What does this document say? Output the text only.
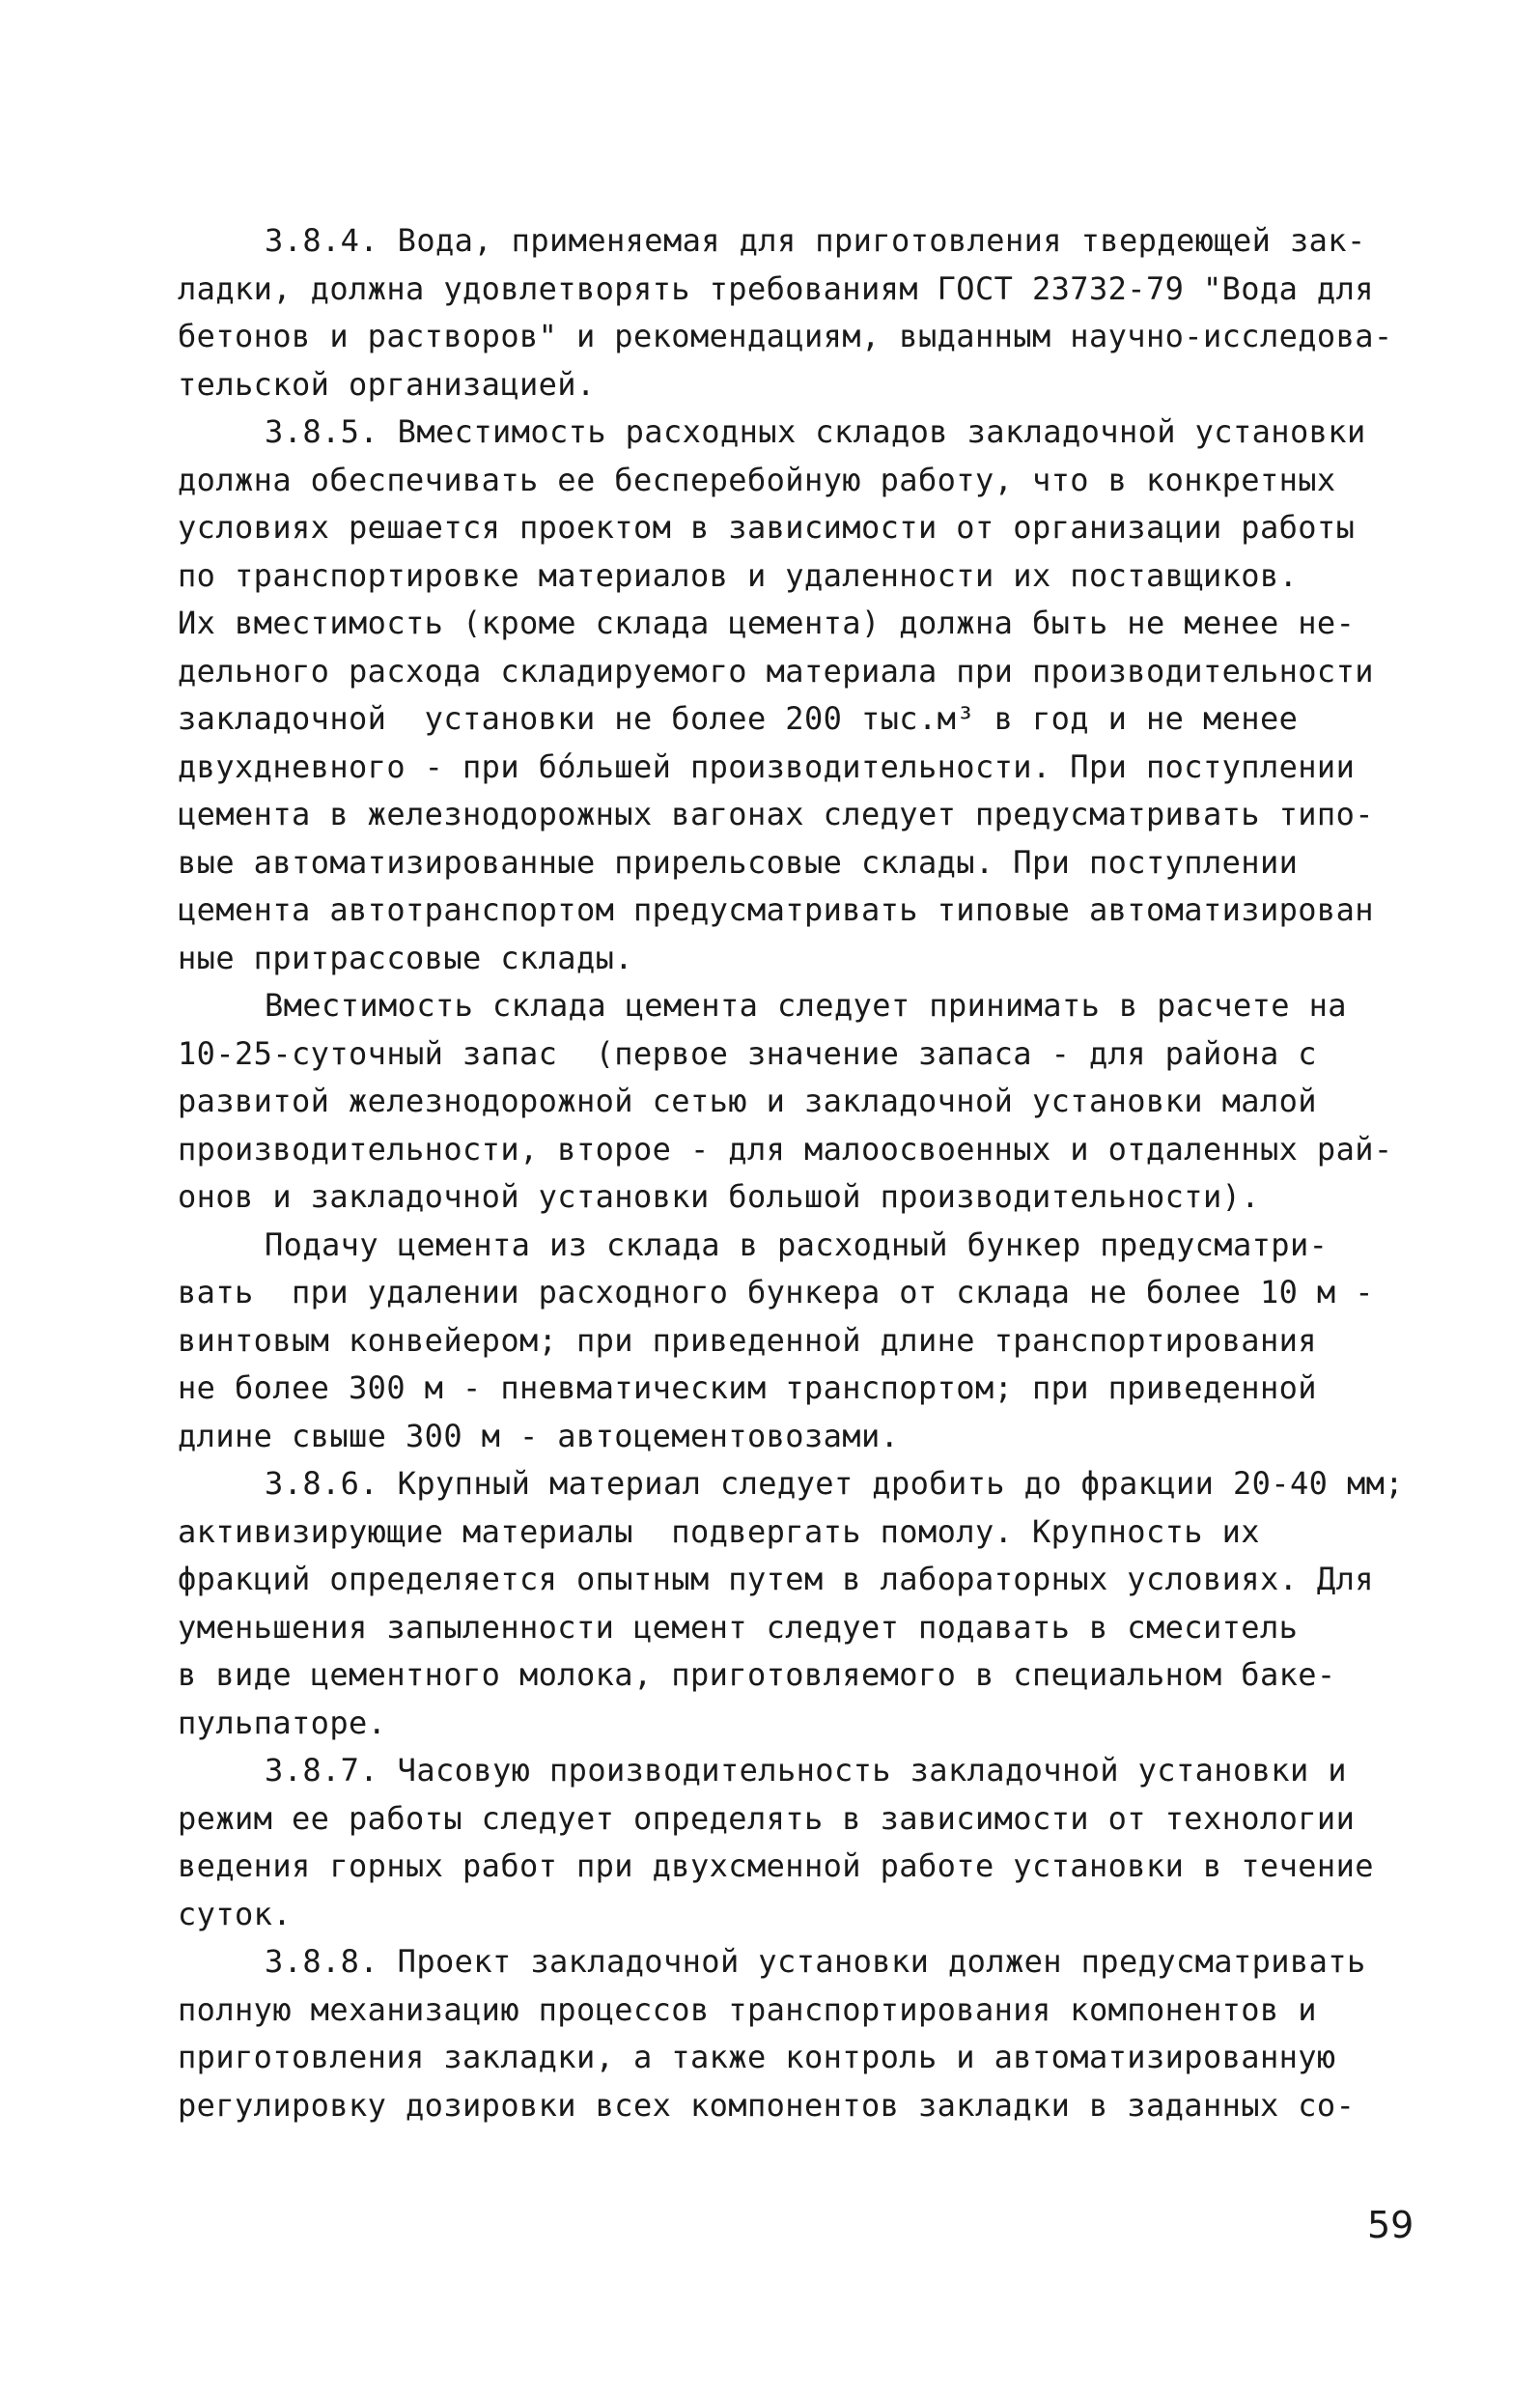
3.8.4. Вода, применяемая для приготовления твердеющей зак-
ладки, должна удовлетворять требованиям ГОСТ 23732-79 "Вода для
бетонов и растворов" и рекомендациям, выданным научно-исследова-
тельской организацией.
3.8.5. Вместимость расходных складов закладочной установки
должна обеспечивать ее бесперебойную работу, что в конкретных
условиях решается проектом в зависимости от организации работы
по транспортировке материалов и удаленности их поставщиков.
Их вместимость (кроме склада цемента) должна быть не менее не-
дельного расхода складируемого материала при производительности
закладочной  установки не более 200 тыс.м³ в год и не менее
двухдневного - при бóльшей производительности. При поступлении
цемента в железнодорожных вагонах следует предусматривать типо-
вые автоматизированные прирельсовые склады. При поступлении
цемента автотранспортом предусматривать типовые автоматизирован
ные притрассовые склады.
Вместимость склада цемента следует принимать в расчете на
10-25-суточный запас  (первое значение запаса - для района с
развитой железнодорожной сетью и закладочной установки малой
производительности, второе - для малоосвоенных и отдаленных рай-
онов и закладочной установки большой производительности).
Подачу цемента из склада в расходный бункер предусматри-
вать  при удалении расходного бункера от склада не более 10 м -
винтовым конвейером; при приведенной длине транспортирования
не более 300 м - пневматическим транспортом; при приведенной
длине свыше 300 м - автоцементовозами.
3.8.6. Крупный материал следует дробить до фракции 20-40 мм;
активизирующие материалы  подвергать помолу. Крупность их
фракций определяется опытным путем в лабораторных условиях. Для
уменьшения запыленности цемент следует подавать в смеситель
в виде цементного молока, приготовляемого в специальном баке-
пульпаторе.
3.8.7. Часовую производительность закладочной установки и
режим ее работы следует определять в зависимости от технологии
ведения горных работ при двухсменной работе установки в течение
суток.
3.8.8. Проект закладочной установки должен предусматривать
полную механизацию процессов транспортирования компонентов и
приготовления закладки, а также контроль и автоматизированную
регулировку дозировки всех компонентов закладки в заданных со-
59
